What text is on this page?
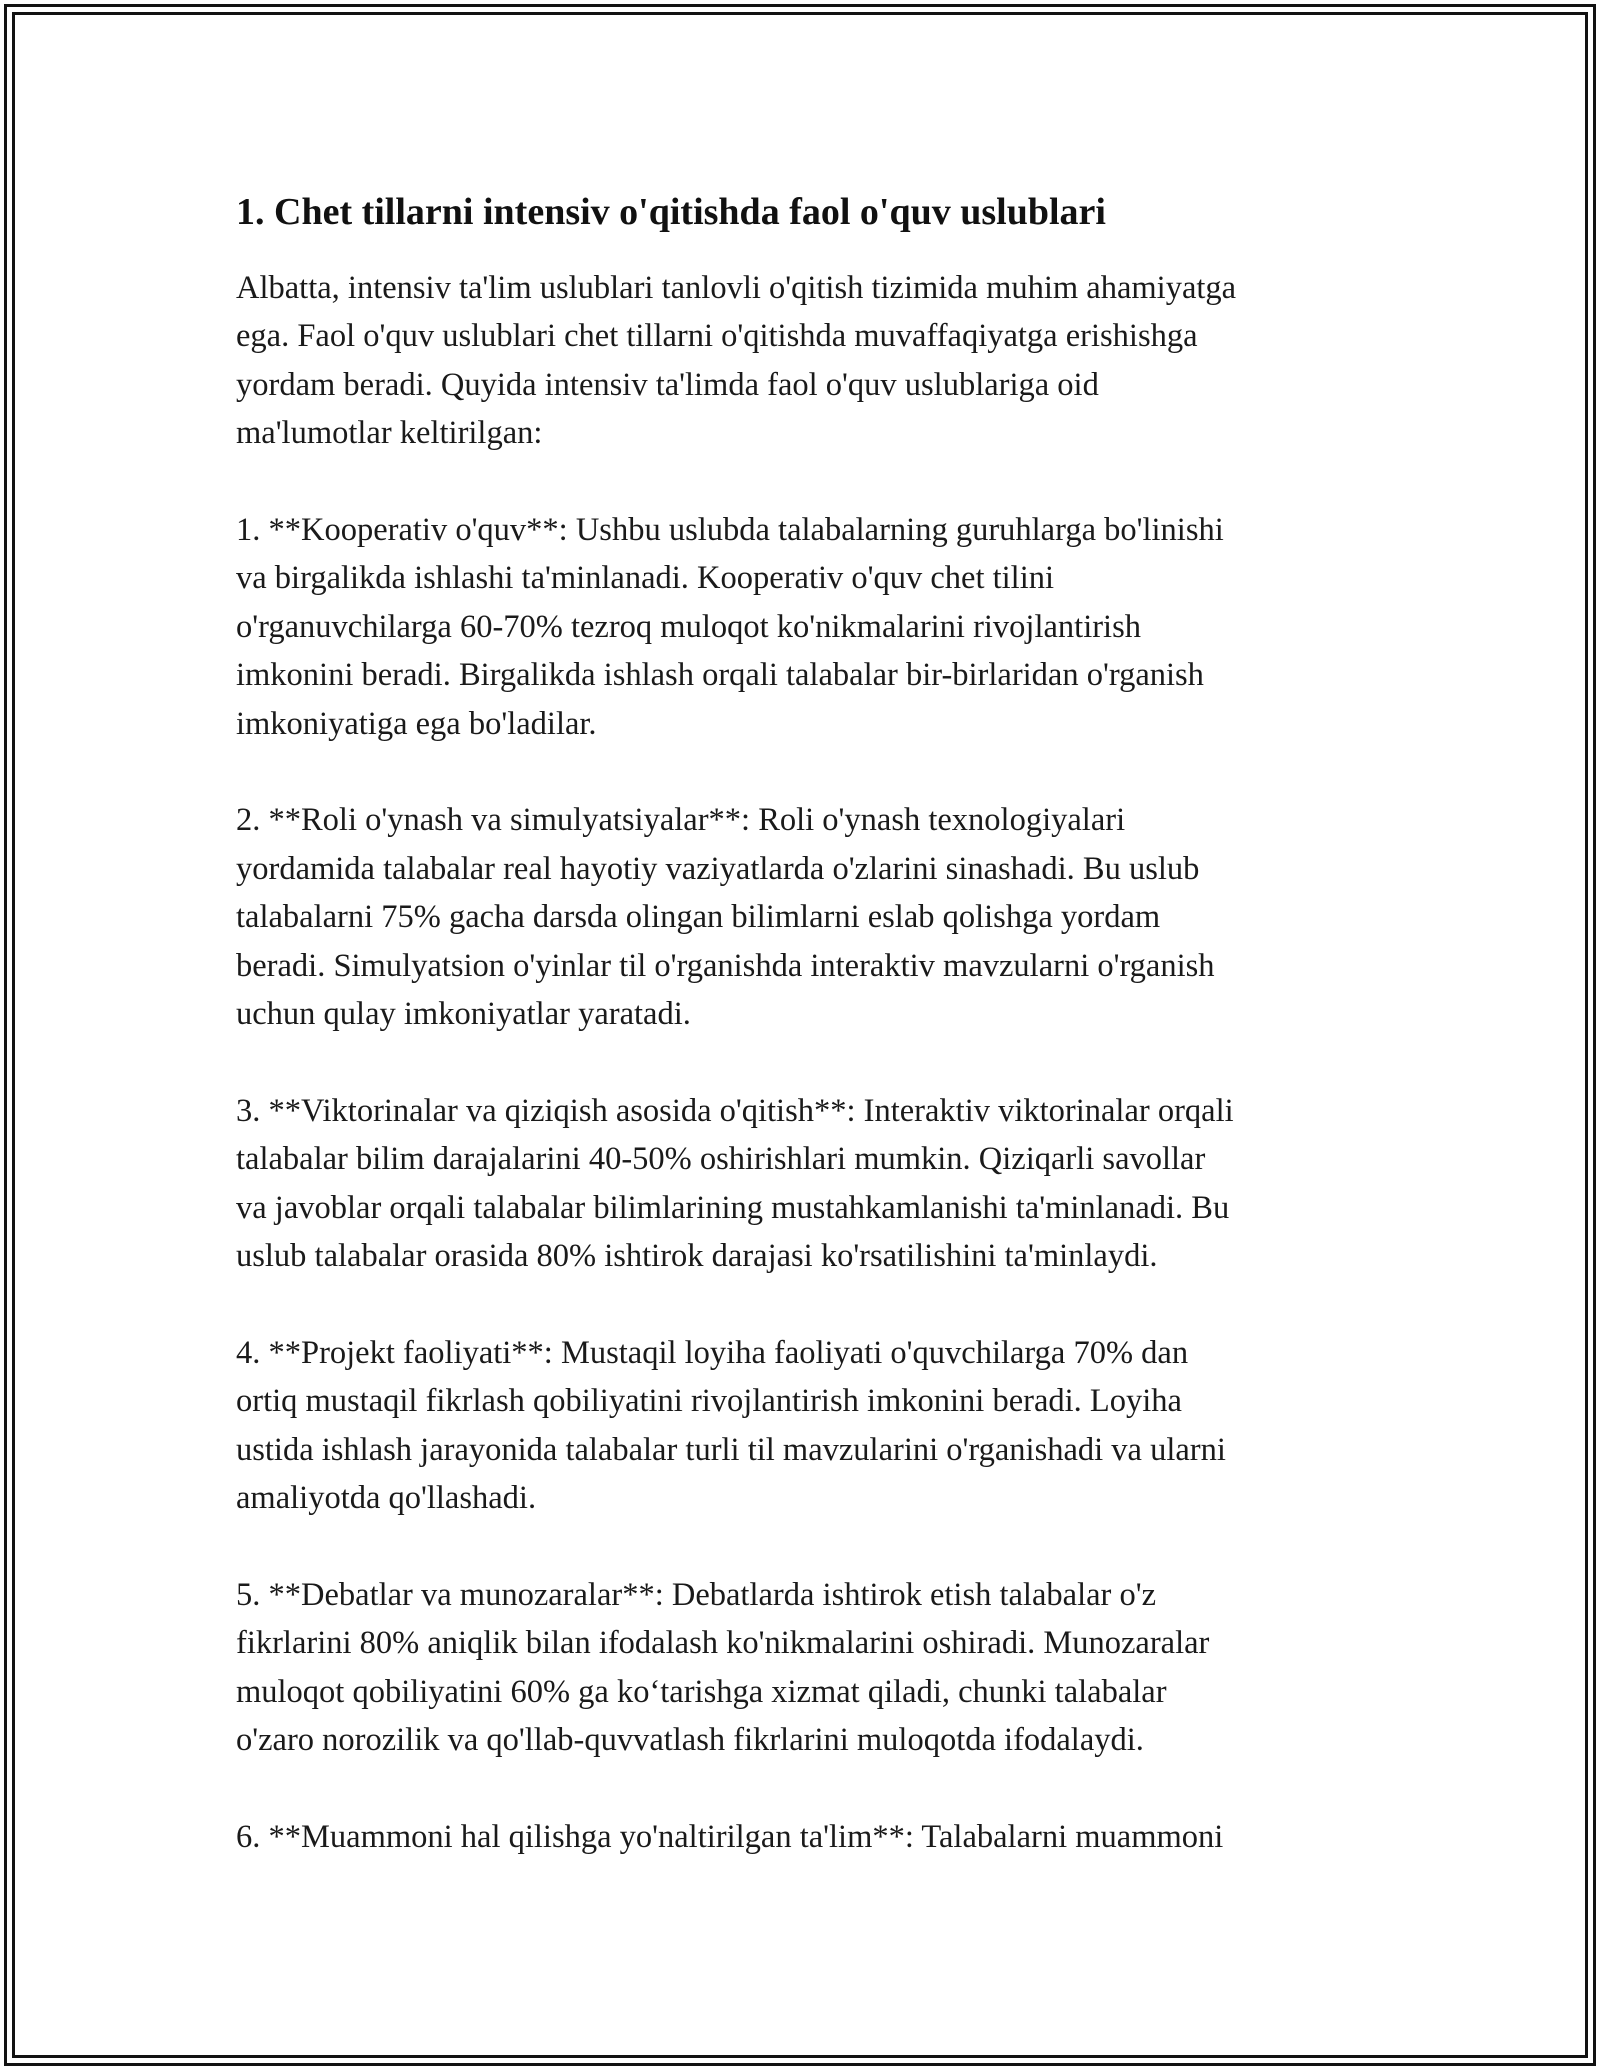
1. Chet tillarni intensiv o'qitishda faol o'quv uslublari
Albatta, intensiv ta'lim uslublari tanlovli o'qitish tizimida muhim ahamiyatga
ega. Faol o'quv uslublari chet tillarni o'qitishda muvaffaqiyatga erishishga
yordam beradi. Quyida intensiv ta'limda faol o'quv uslublariga oid
ma'lumotlar keltirilgan:
1. **Kooperativ o'quv**: Ushbu uslubda talabalarning guruhlarga bo'linishi
va birgalikda ishlashi ta'minlanadi. Kooperativ o'quv chet tilini
o'rganuvchilarga 60-70% tezroq muloqot ko'nikmalarini rivojlantirish
imkonini beradi. Birgalikda ishlash orqali talabalar bir-birlaridan o'rganish
imkoniyatiga ega bo'ladilar.
2. **Roli o'ynash va simulyatsiyalar**: Roli o'ynash texnologiyalari
yordamida talabalar real hayotiy vaziyatlarda o'zlarini sinashadi. Bu uslub
talabalarni 75% gacha darsda olingan bilimlarni eslab qolishga yordam
beradi. Simulyatsion o'yinlar til o'rganishda interaktiv mavzularni o'rganish
uchun qulay imkoniyatlar yaratadi.
3. **Viktorinalar va qiziqish asosida o'qitish**: Interaktiv viktorinalar orqali
talabalar bilim darajalarini 40-50% oshirishlari mumkin. Qiziqarli savollar
va javoblar orqali talabalar bilimlarining mustahkamlanishi ta'minlanadi. Bu
uslub talabalar orasida 80% ishtirok darajasi ko'rsatilishini ta'minlaydi.
4. **Projekt faoliyati**: Mustaqil loyiha faoliyati o'quvchilarga 70% dan
ortiq mustaqil fikrlash qobiliyatini rivojlantirish imkonini beradi. Loyiha
ustida ishlash jarayonida talabalar turli til mavzularini o'rganishadi va ularni
amaliyotda qo'llashadi.
5. **Debatlar va munozaralar**: Debatlarda ishtirok etish talabalar o'z
fikrlarini 80% aniqlik bilan ifodalash ko'nikmalarini oshiradi. Munozaralar
muloqot qobiliyatini 60% ga ko‘tarishga xizmat qiladi, chunki talabalar
o'zaro norozilik va qo'llab-quvvatlash fikrlarini muloqotda ifodalaydi.
6. **Muammoni hal qilishga yo'naltirilgan ta'lim**: Talabalarni muammoni
